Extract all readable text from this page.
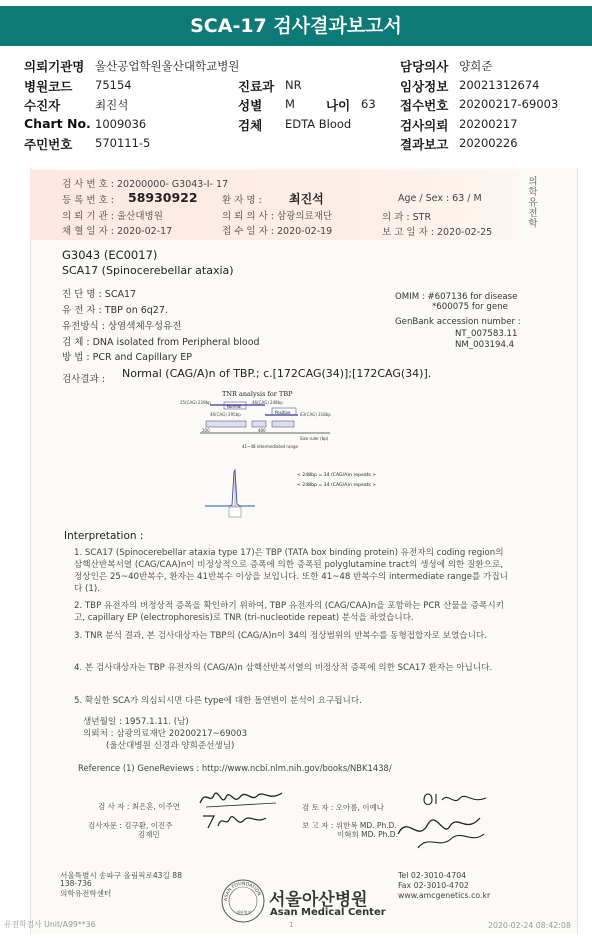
SCA-17 검사결과보고서
의뢰기관명 울산공업학원울산대학교병원	담당의사 양희준
병원코드 75154	진료과 NR	임상정보 20021312674
수진자	최진석	성별 M 나이 63 접수번호 20200217-69003
Chart No. 1009036	검체 EDTA Blood	검사의뢰 20200217
주민번호 570111-5	결과보고 20200226
검 사 번 호 : 20200000- G3043-I- 17
등 록 번 호 : 58930922	환 자 명 : 최진석	Age / Sex : 63 / M
의 뢰 기 관 : 울산대병원	의 뢰 의 사 : 삼광의료재단	의 과 : STR
채 혈 일 자 : 2020-02-17	접 수 일 자 : 2020-02-19	보 고 일 자 : 2020-02-25
의학유전학
G3043 (EC0017)
SCA17 (Spinocerebellar ataxia)
진 단 명 : SCA17
유 전 자 : TBP on 6q27.
유전방식 : 상염색체우성유전
검 체 : DNA isolated from Peripheral blood
방 법 : PCR and Capillary EP
OMIM : #607136 for disease
*600075 for gene
GenBank accession number :
NT_007583.11
NM_003194.4
검사결과 : Normal (CAG/A)n of TBP.; c.[172CAG(34)];[172CAG(34)].
TNR analysis for TBP
25(CAG) 229bp	46(CAG) 248bp
Normal
46(CAG) 295bp	Positive 63(CAG) 318bp
200	400
Size ruler (bp)
41~48 intermediated range
< 248bp = 34 (CAG/A)n repeats >
< 248bp = 34 (CAG/A)n repeats >
Interpretation :
1. SCA17 (Spinocerebellar ataxia type 17)은 TBP (TATA box binding protein) 유전자의 coding region의 삼핵산반복서열 (CAG/CAA)n이 비정상적으로 증폭에 의한 증폭된 polyglutamine tract의 생성에 의한 질환으로, 정상인은 25~40반복수, 환자는 41반복수 이상을 보입니다. 또한 41~48 반복수의 intermediate range를 가집니다 (1).
2. TBP 유전자의 비정상적 증폭을 확인하기 위하여, TBP 유전자의 (CAG/CAA)n을 포함하는 PCR 산물을 증폭시키고, capillary EP (electrophoresis)로 TNR (tri-nucleotide repeat) 분석을 하였습니다.
3. TNR 분석 결과, 본 검사대상자는 TBP의 (CAG/A)n이 34의 정상범위의 반복수를 동형접합자로 보였습니다.
4. 본 검사대상자는 TBP 유전자의 (CAG/A)n 삼핵산반복서열의 비정상적 증폭에 의한 SCA17 환자는 아닙니다.
5. 확실한 SCA가 의심되시면 다른 type에 대한 돌연변이 분석이 요구됩니다.
생년월일 : 1957.1.11. (남)
의뢰처 : 삼광의료재단 20200217~69003
(울산대병원 신경과 양희준선생님)
Reference (1) GeneReviews : http://www.ncbi.nlm.nih.gov/books/NBK1438/
검 사 자 : 최은혼, 이주연
검사자문 : 김구환, 이진주
김재민
검 토 자 : 오아름, 이예나
보 고 자 : 위한복 MD. Ph.D.
이혁희 MD. Ph.D.
서울특별시 송파구 올림픽로43길 88
138-736
의학유전학센터
ASAN FOUNDATION
재단법인
서울아산병원
Asan Medical Center
Tel 02-3010-4704
Fax 02-3010-4702
www.amcgenetics.co.kr
유전학검사 Unit/A99**36	1	2020-02-24 08:42:08
